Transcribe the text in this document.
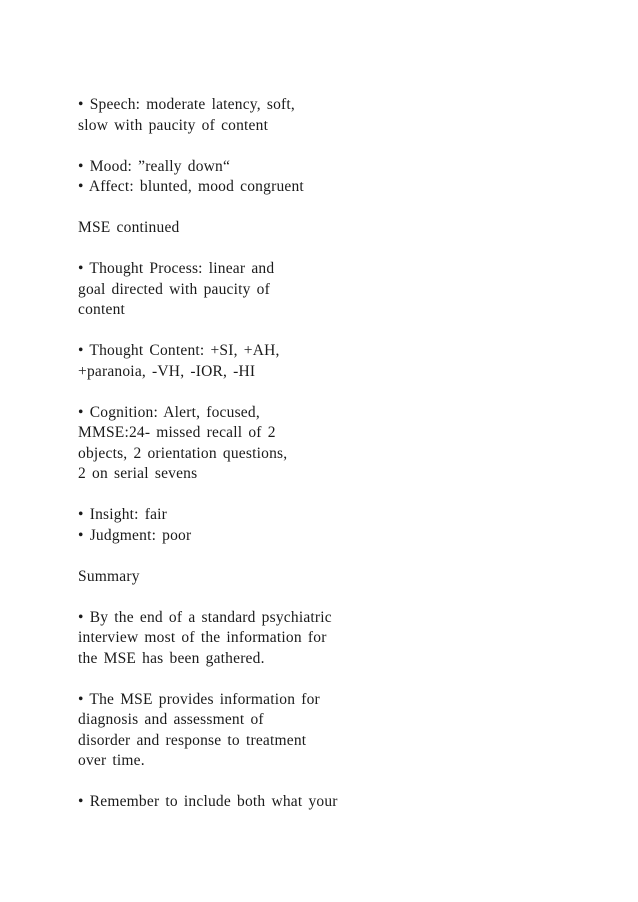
• Speech: moderate latency, soft,
slow with paucity of content
• Mood: ”really down“
• Affect: blunted, mood congruent
MSE continued
• Thought Process: linear and
goal directed with paucity of
content
• Thought Content: +SI, +AH,
+paranoia, -VH, -IOR, -HI
• Cognition: Alert, focused,
MMSE:24- missed recall of 2
objects, 2 orientation questions,
2 on serial sevens
• Insight: fair
• Judgment: poor
Summary
• By the end of a standard psychiatric
interview most of the information for
the MSE has been gathered.
• The MSE provides information for
diagnosis and assessment of
disorder and response to treatment
over time.
• Remember to include both what your
